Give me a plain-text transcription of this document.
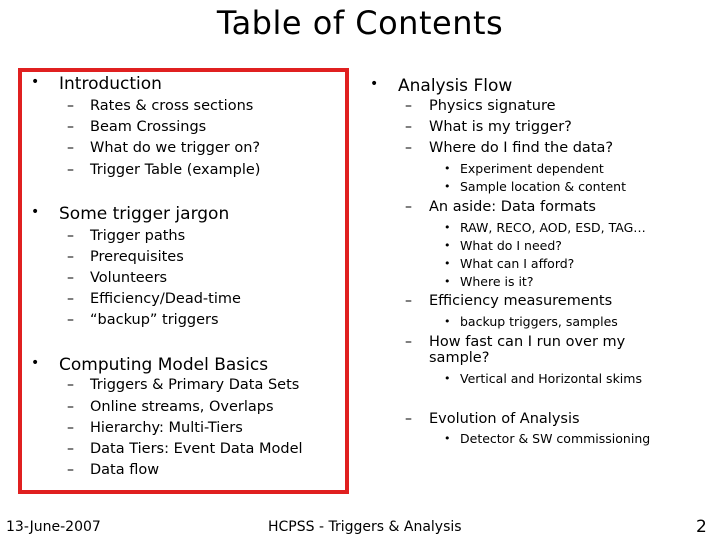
Table of Contents
• Introduction
– Rates & cross sections
– Beam Crossings
– What do we trigger on?
– Trigger Table (example)
• Some trigger jargon
– Trigger paths
– Prerequisites
– Volunteers
– Efficiency/Dead-time
– “backup” triggers
• Computing Model Basics
– Triggers & Primary Data Sets
– Online streams, Overlaps
– Hierarchy: Multi-Tiers
– Data Tiers: Event Data Model
– Data flow
• Analysis Flow
– Physics signature
– What is my trigger?
– Where do I find the data?
• Experiment dependent
• Sample location & content
– An aside: Data formats
• RAW, RECO, AOD, ESD, TAG…
• What do I need?
• What can I afford?
• Where is it?
– Efficiency measurements
• backup triggers, samples
– How fast can I run over my
sample?
• Vertical and Horizontal skims
– Evolution of Analysis
• Detector & SW commissioning
13-June-2007	HCPSS - Triggers & Analysis	2
